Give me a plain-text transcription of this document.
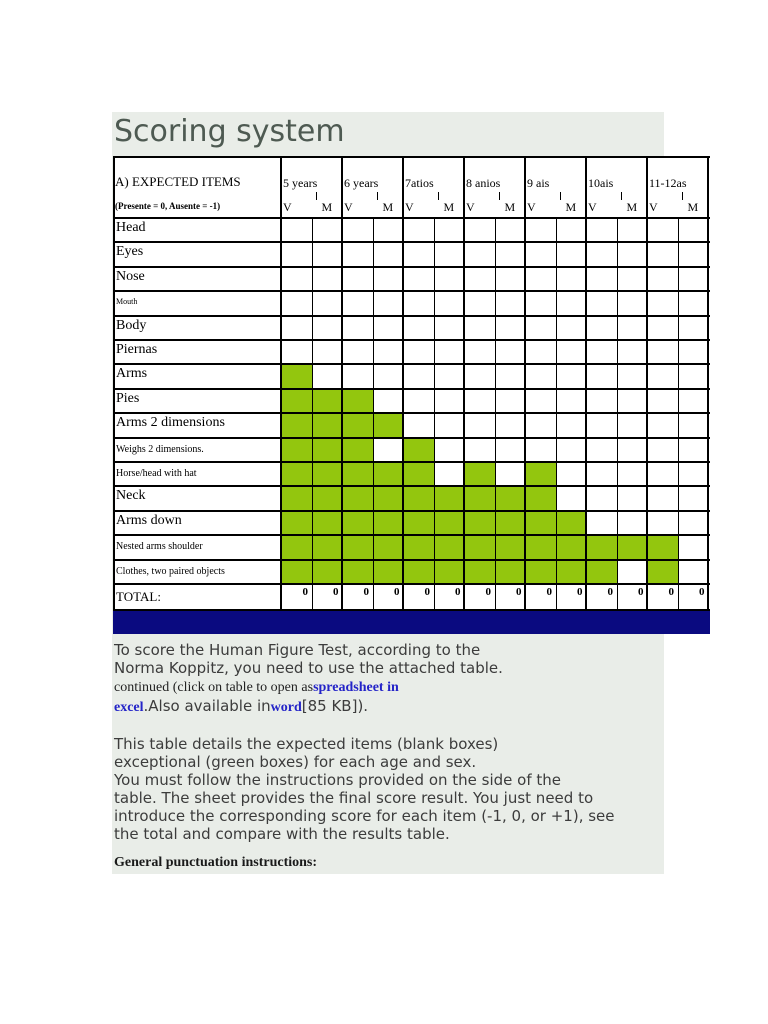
Scoring system
A) EXPECTED ITEMS
(Presente = 0, Ausente = -1)
5 years
V M
6 years
V M
7atios
V M
8 anios
V M
9 ais
V M
10ais
V M
11-12as
V M
Head
Eyes
Nose
Mouth
Body
Piernas
Arms
Pies
Arms 2 dimensions
Weighs 2 dimensions.
Horse/head with hat
Neck
Arms down
Nested arms shoulder
Clothes, two paired objects
TOTAL:	0 0 0 0 0 0 0 0 0 0 0 0 0 0
To score the Human Figure Test, according to the
Norma Koppitz, you need to use the attached table.
continued (click on table to open asspreadsheet in
excel.Also available inword[85 KB]).
This table details the expected items (blank boxes)
exceptional (green boxes) for each age and sex.
You must follow the instructions provided on the side of the
table. The sheet provides the final score result. You just need to
introduce the corresponding score for each item (-1, 0, or +1), see
the total and compare with the results table.
General punctuation instructions:
